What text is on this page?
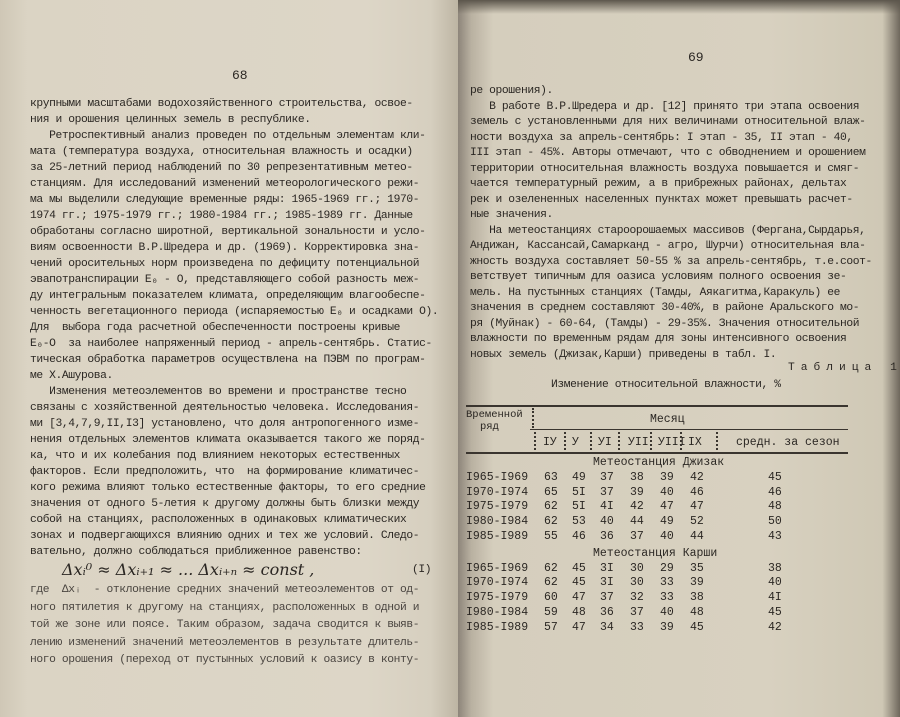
68
крупными масштабами водохозяйственного строительства, освое-
ния и орошения целинных земель в республике.
Ретроспективный анализ проведен по отдельным элементам кли-
мата (температура воздуха, относительная влажность и осадки)
за 25-летний период наблюдений по 30 репрезентативным метео-
станциям. Для исследований изменений метеорологического режи-
ма мы выделили следующие временные ряды: 1965-1969 гг.; 1970-
1974 гг.; 1975-1979 гг.; 1980-1984 гг.; 1985-1989 гг. Данные
обработаны согласно широтной, вертикальной зональности и усло-
виям освоенности В.Р.Шредера и др. (1969). Корректировка зна-
чений оросительных норм произведена по дефициту потенциальной
эвапотранспирации E₀ - O, представляющего собой разность меж-
ду интегральным показателем климата, определяющим влагообеспе-
ченность вегетационного периода (испаряемостью E₀ и осадками O).
Для  выбора года расчетной обеспеченности построены кривые
E₀-O  за наиболее напряженный период - апрель-сентябрь. Статис-
тическая обработка параметров осуществлена на ПЭВМ по програм-
ме Х.Ашурова.
Изменения метеоэлементов во времени и пространстве тесно
связаны с хозяйственной деятельностью человека. Исследования-
ми [3,4,7,9,II,I3] установлено, что доля антропогенного изме-
нения отдельных элементов климата оказывается такого же поряд-
ка, что и их колебания под влиянием некоторых естественных
факторов. Если предположить, что  на формирование климатичес-
кого режима влияют только естественные факторы, то его средние
значения от одного 5-летия к другому должны быть близки между
собой на станциях, расположенных в одинаковых климатических
зонах и подвергающихся влиянию одних и тех же условий. Следо-
вательно, должно соблюдаться приближенное равенство:
где  Δxᵢ  - отклонение средних значений метеоэлементов от од-
ного пятилетия к другому на станциях, расположенных в одной и
той же зоне или поясе. Таким образом, задача сводится к выяв-
лению изменений значений метеоэлементов в результате длитель-
ного орошения (переход от пустынных условий к оазису в конту-
Δxᵢ⁰ ≈ Δxᵢ₊₁ ≈ ... Δxᵢ₊ₙ ≈ const ,	(I)
69
ре орошения).
В работе В.Р.Шредера и др. [12] принято три этапа освоения
земель с установленными для них величинами относительной влаж-
ности воздуха за апрель-сентябрь: I этап - 35, II этап - 40,
III этап - 45%. Авторы отмечают, что с обводнением и орошением
территории относительная влажность воздуха повышается и смяг-
чается температурный режим, а в прибрежных районах, дельтах
рек и озелененных населенных пунктах может превышать расчет-
ные значения.
На метеостанциях староорошаемых массивов (Фергана,Сырдарья,
Андижан, Кассансай,Самарканд - агро, Шурчи) относительная вла-
жность воздуха составляет 50-55 % за апрель-сентябрь, т.е.соот-
ветствует типичным для оазиса условиям полного освоения зе-
мель. На пустынных станциях (Тамды, Аякагитма,Каракуль) ее
значения в среднем составляют 30-40%, в районе Аральского мо-
ря (Муйнак) - 60-64, (Тамды) - 29-35%. Значения относительной
влажности по временным рядам для зоны интенсивного освоения
новых земель (Джизак,Карши) приведены в табл. I.
Т а б л и ц а   1
Изменение относительной влажности, %
Временной
ряд
Месяц
IУ У УI УII УIII IX	средн. за сезон
Метеостанция Джизак
I965-I969 63 49 37 38 39 42	45
I970-I974 65 5I 37 39 40 46	46
I975-I979 62 5I 4I 42 47 47	48
I980-I984 62 53 40 44 49 52	50
I985-I989 55 46 36 37 40 44	43
Метеостанция Карши
I965-I969 62 45 3I 30 29 35	38
I970-I974 62 45 3I 30 33 39	40
I975-I979 60 47 37 32 33 38	4I
I980-I984 59 48 36 37 40 48	45
I985-I989 57 47 34 33 39 45	42
